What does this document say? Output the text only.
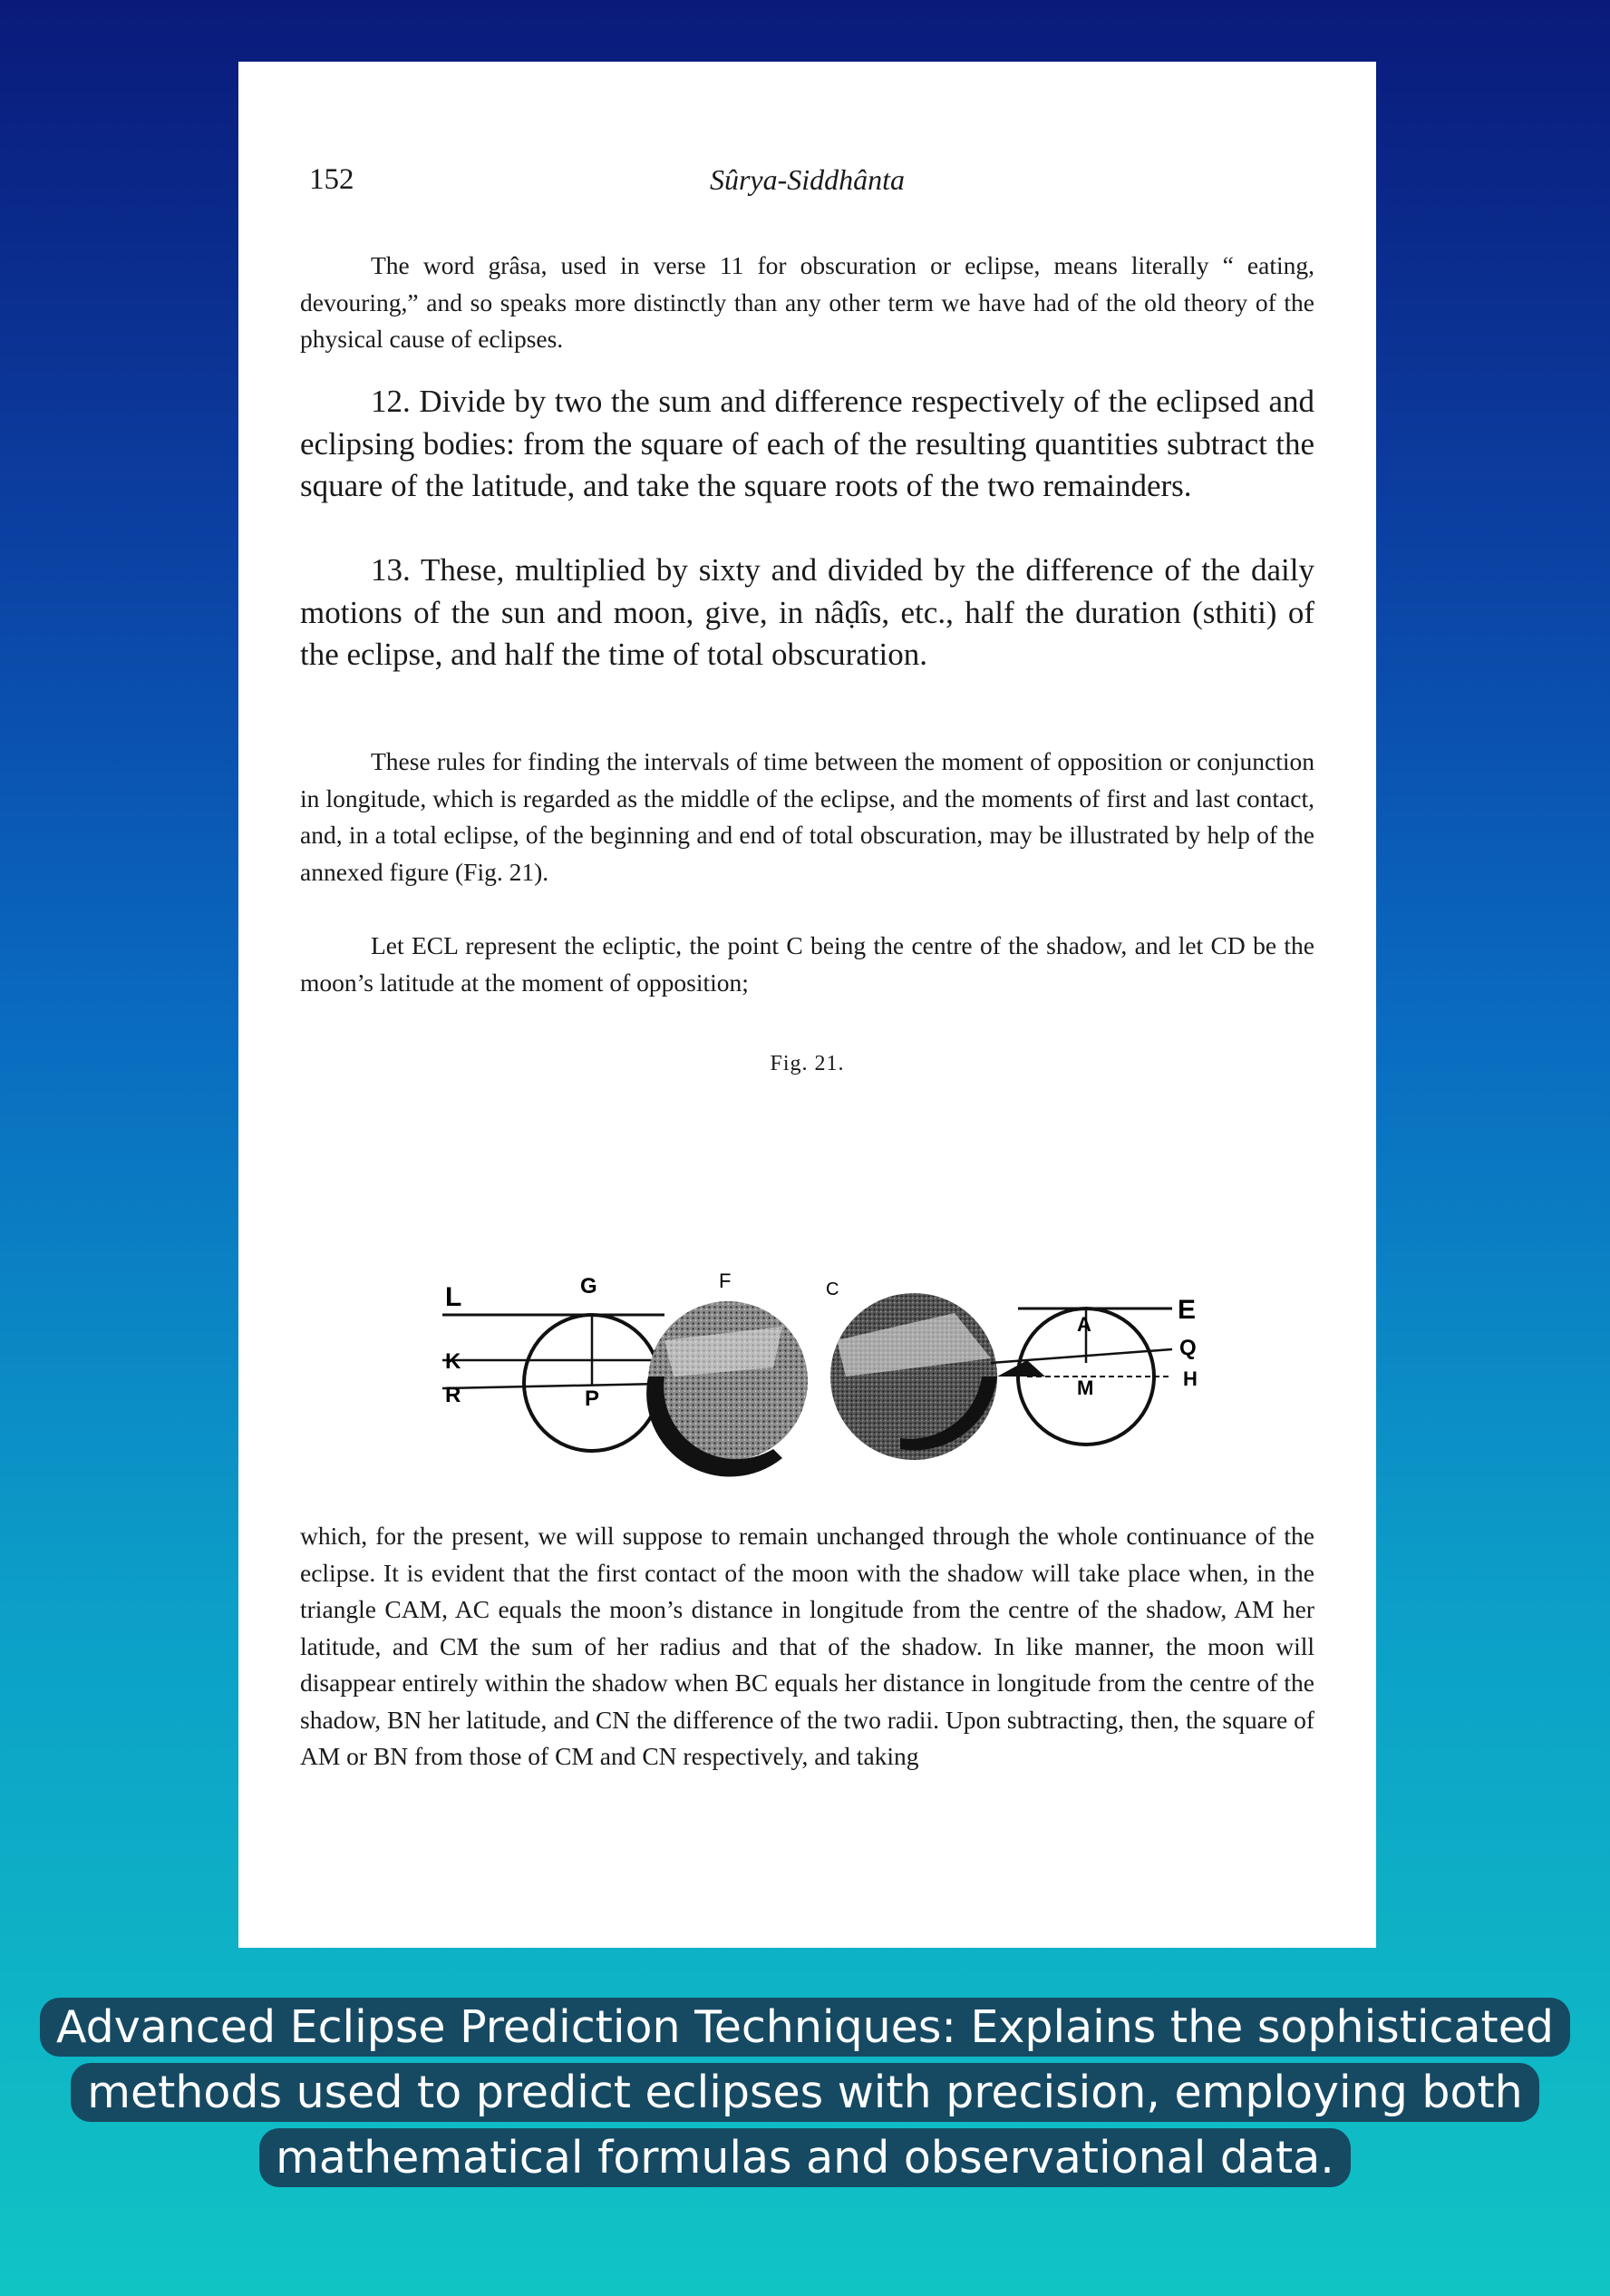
152	Sûrya-Siddhânta

The word grâsa, used in verse 11 for obscuration or eclipse, means literally “ eating, devouring,” and so speaks more distinctly than any other term we have had of the old theory of the physical cause of eclipses.

12. Divide by two the sum and difference respectively of the eclipsed and eclipsing bodies: from the square of each of the resulting quantities subtract the square of the latitude, and take the square roots of the two remainders.

13. These, multiplied by sixty and divided by the difference of the daily motions of the sun and moon, give, in nâḍîs, etc., half the duration (sthiti) of the eclipse, and half the time of total obscuration.

These rules for finding the intervals of time between the moment of opposition or conjunction in longitude, which is regarded as the middle of the eclipse, and the moments of first and last contact, and, in a total eclipse, of the beginning and end of total obscuration, may be illustrated by help of the annexed figure (Fig. 21).

Let ECL represent the ecliptic, the point C being the centre of the shadow, and let CD be the moon’s latitude at the moment of opposition;

Fig. 21.
L	G
K
R	P
F	C
A	E
Q
M	H

which, for the present, we will suppose to remain unchanged through the whole continuance of the eclipse. It is evident that the first contact of the moon with the shadow will take place when, in the triangle CAM, AC equals the moon’s distance in longitude from the centre of the shadow, AM her latitude, and CM the sum of her radius and that of the shadow. In like manner, the moon will disappear entirely within the shadow when BC equals her distance in longitude from the centre of the shadow, BN her latitude, and CN the difference of the two radii. Upon subtracting, then, the square of AM or BN from those of CM and CN respectively, and taking

Advanced Eclipse Prediction Techniques: Explains the sophisticated methods used to predict eclipses with precision, employing both mathematical formulas and observational data.
